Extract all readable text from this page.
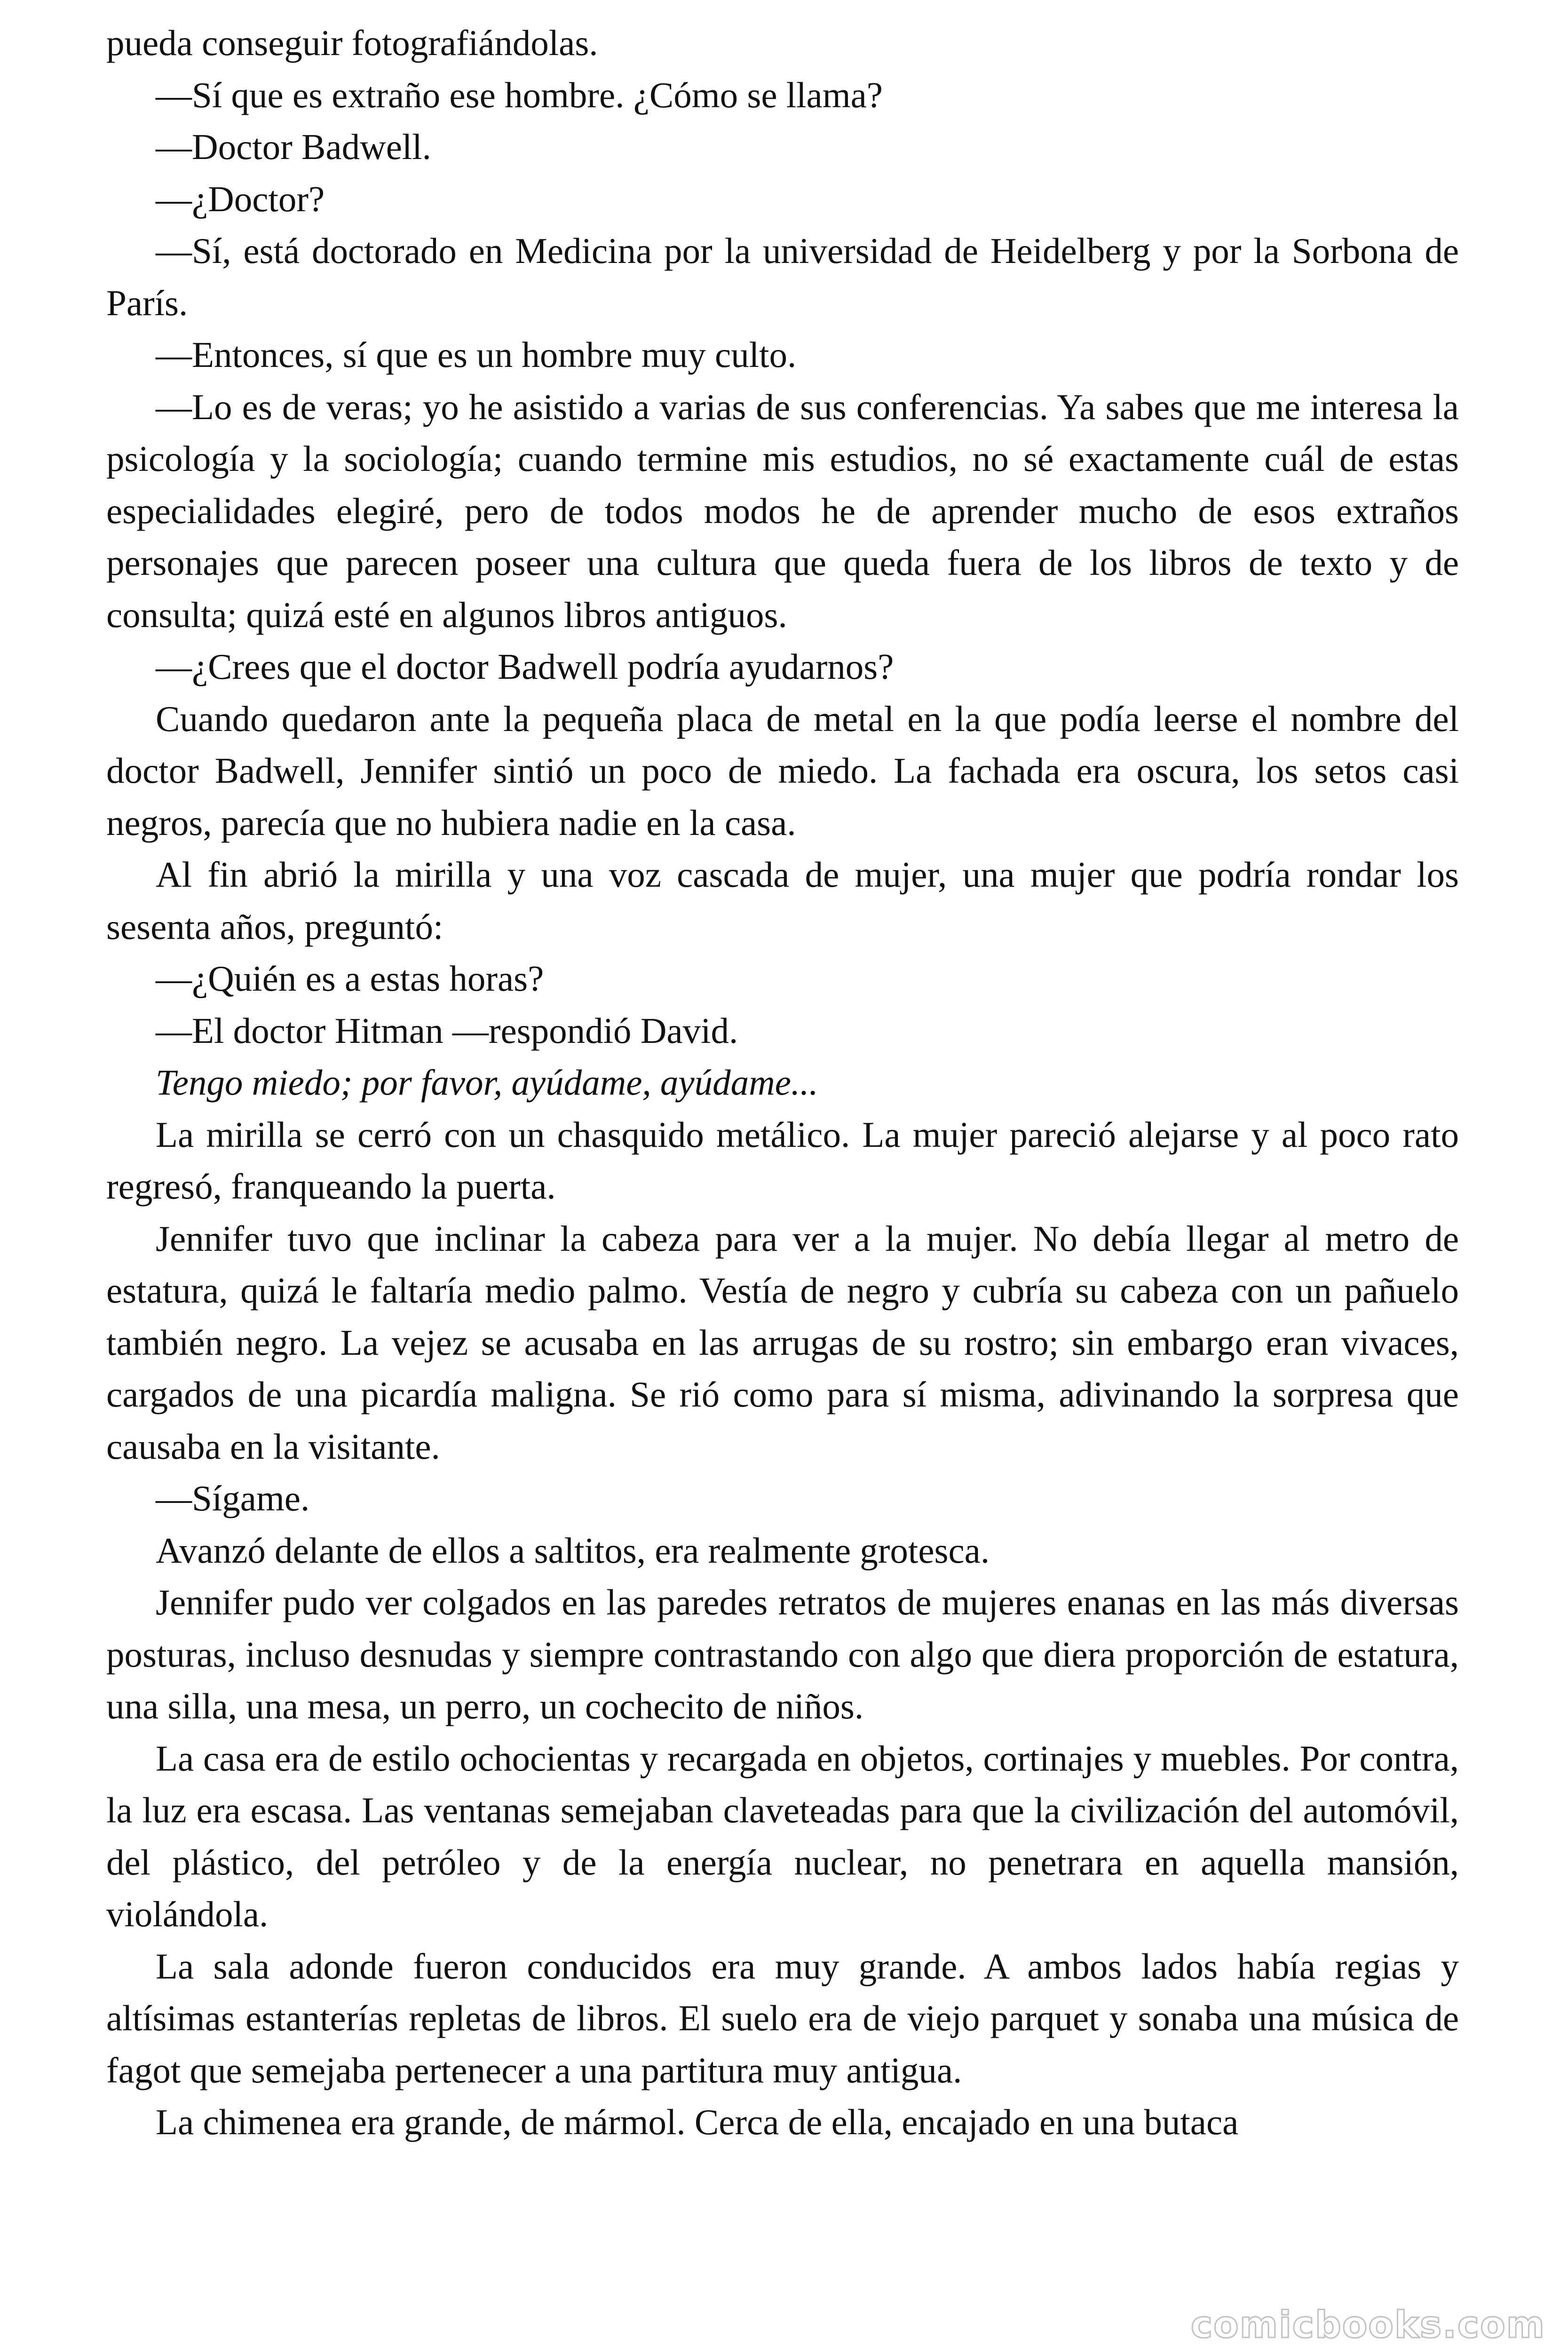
pueda conseguir fotografiándolas.

—Sí que es extraño ese hombre. ¿Cómo se llama?

—Doctor Badwell.

—¿Doctor?

—Sí, está doctorado en Medicina por la universidad de Heidelberg y por la Sorbona de París.

—Entonces, sí que es un hombre muy culto.

—Lo es de veras; yo he asistido a varias de sus conferencias. Ya sabes que me interesa la psicología y la sociología; cuando termine mis estudios, no sé exactamente cuál de estas especialidades elegiré, pero de todos modos he de aprender mucho de esos extraños personajes que parecen poseer una cultura que queda fuera de los libros de texto y de consulta; quizá esté en algunos libros antiguos.

—¿Crees que el doctor Badwell podría ayudarnos?

Cuando quedaron ante la pequeña placa de metal en la que podía leerse el nombre del doctor Badwell, Jennifer sintió un poco de miedo. La fachada era oscura, los setos casi negros, parecía que no hubiera nadie en la casa.

Al fin abrió la mirilla y una voz cascada de mujer, una mujer que podría rondar los sesenta años, preguntó:

—¿Quién es a estas horas?

—El doctor Hitman —respondió David.

Tengo miedo; por favor, ayúdame, ayúdame...

La mirilla se cerró con un chasquido metálico. La mujer pareció alejarse y al poco rato regresó, franqueando la puerta.

Jennifer tuvo que inclinar la cabeza para ver a la mujer. No debía llegar al metro de estatura, quizá le faltaría medio palmo. Vestía de negro y cubría su cabeza con un pañuelo también negro. La vejez se acusaba en las arrugas de su rostro; sin embargo eran vivaces, cargados de una picardía maligna. Se rió como para sí misma, adivinando la sorpresa que causaba en la visitante.

—Sígame.

Avanzó delante de ellos a saltitos, era realmente grotesca.

Jennifer pudo ver colgados en las paredes retratos de mujeres enanas en las más diversas posturas, incluso desnudas y siempre contrastando con algo que diera proporción de estatura, una silla, una mesa, un perro, un cochecito de niños.

La casa era de estilo ochocientas y recargada en objetos, cortinajes y muebles. Por contra, la luz era escasa. Las ventanas semejaban claveteadas para que la civilización del automóvil, del plástico, del petróleo y de la energía nuclear, no penetrara en aquella mansión, violándola.

La sala adonde fueron conducidos era muy grande. A ambos lados había regias y altísimas estanterías repletas de libros. El suelo era de viejo parquet y sonaba una música de fagot que semejaba pertenecer a una partitura muy antigua.

La chimenea era grande, de mármol. Cerca de ella, encajado en una butaca

comicbooks.com
